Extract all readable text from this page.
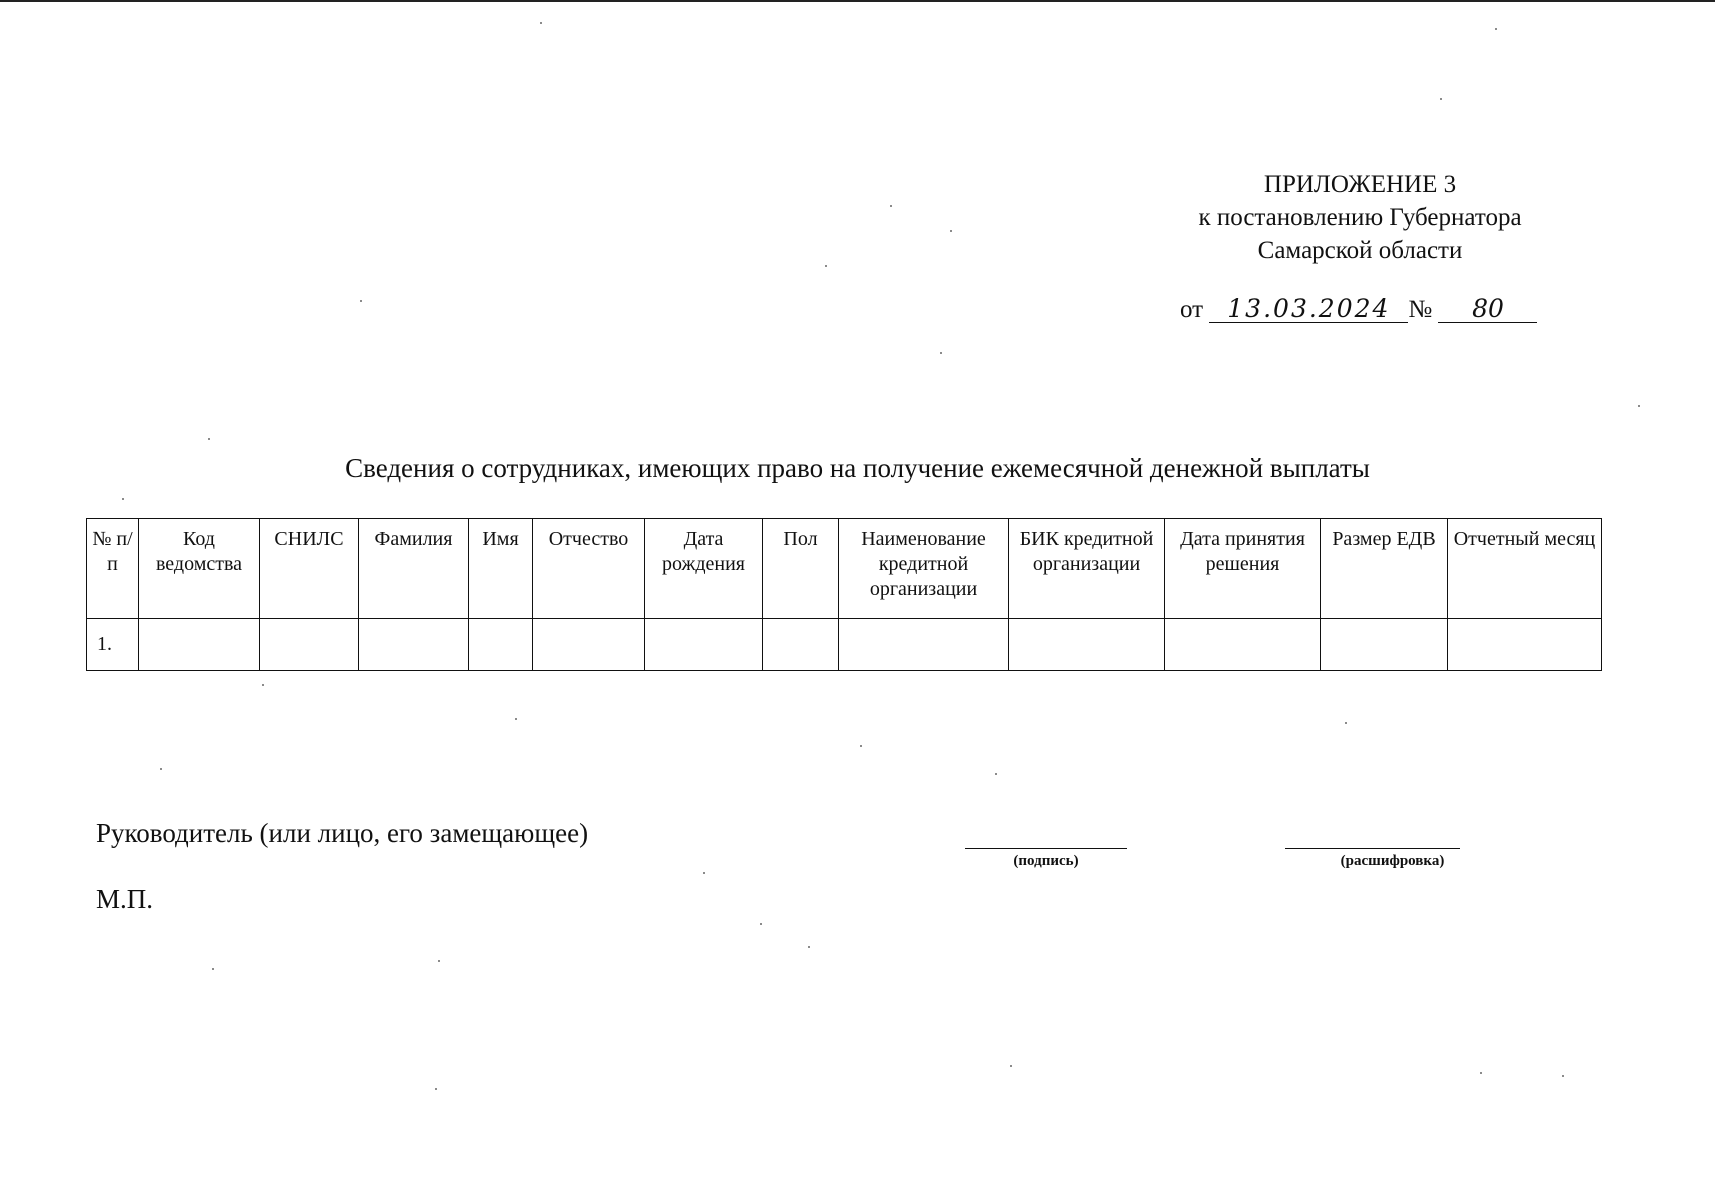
ПРИЛОЖЕНИЕ 3
к постановлению Губернатора
Самарской области
от 13.03.2024 № 80
Сведения о сотрудниках, имеющих право на получение ежемесячной денежной выплаты
№ п/п	Код ведомства	СНИЛС	Фамилия	Имя	Отчество	Дата рождения	Пол	Наименование кредитной организации	БИК кредитной организации	Дата принятия решения	Размер ЕДВ	Отчетный месяц
1.												
Руководитель (или лицо, его замещающее)
М.П.
(подпись)	(расшифровка)
